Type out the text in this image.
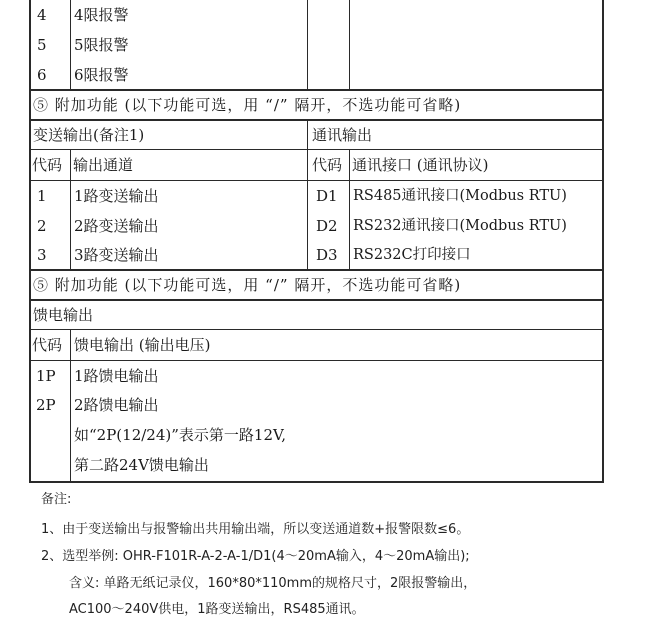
4 4限报警
5 5限报警
6 6限报警
⑤ 附加功能 (以下功能可选，用 “/” 隔开，不选功能可省略)
变送输出(备注1)	通讯输出
代码 输出通道	代码 通讯接口 (通讯协议)
1 1路变送输出	D1 RS485通讯接口(Modbus RTU)
2 2路变送输出	D2 RS232通讯接口(Modbus RTU)
3 3路变送输出	D3 RS232C打印接口
⑤ 附加功能 (以下功能可选，用 “/” 隔开，不选功能可省略)
馈电输出
代码 馈电输出 (输出电压)
1P 1路馈电输出
2P 2路馈电输出
如“2P(12/24)”表示第一路12V,
第二路24V馈电输出
备注:
1、由于变送输出与报警输出共用输出端，所以变送通道数+报警限数≤6。
2、选型举例: OHR-F101R-A-2-A-1/D1(4～20mA输入，4～20mA输出);
含义: 单路无纸记录仪，160*80*110mm的规格尺寸，2限报警输出，
AC100～240V供电，1路变送输出，RS485通讯。
